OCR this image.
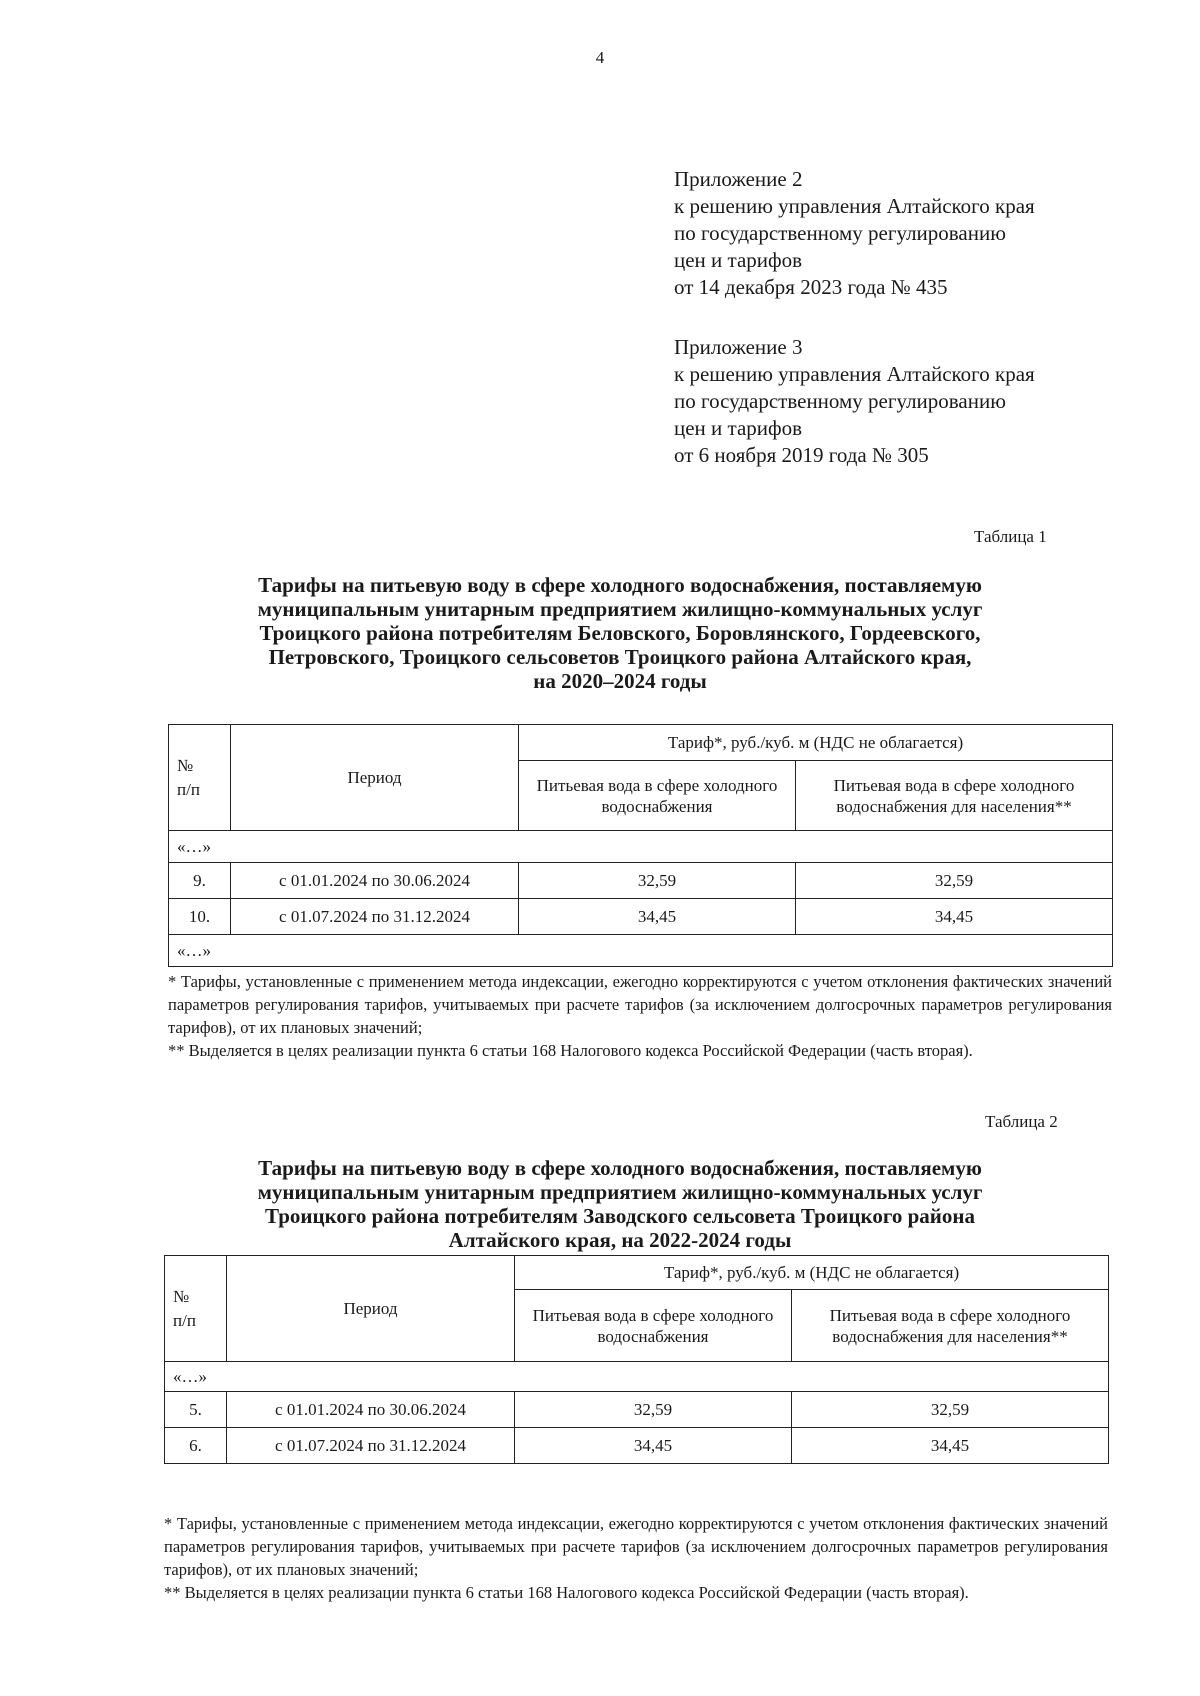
4
Приложение 2
к решению управления Алтайского края
по государственному регулированию
цен и тарифов
от 14 декабря 2023 года № 435
Приложение 3
к решению управления Алтайского края
по государственному регулированию
цен и тарифов
от 6 ноября 2019 года № 305
Таблица 1
Тарифы на питьевую воду в сфере холодного водоснабжения, поставляемую
муниципальным унитарным предприятием жилищно-коммунальных услуг
Троицкого района потребителям Беловского, Боровлянского, Гордеевского,
Петровского, Троицкого сельсоветов Троицкого района Алтайского края,
на 2020–2024 годы
№
п/п	Период	Тариф*, руб./куб. м (НДС не облагается)	
		Питьевая вода в сфере холодного водоснабжения	Питьевая вода в сфере холодного водоснабжения для населения**
«…»			
9.	с 01.01.2024 по 30.06.2024	32,59	32,59
10.	с 01.07.2024 по 31.12.2024	34,45	34,45
«…»			

* Тарифы, установленные с применением метода индексации, ежегодно корректируются с учетом отклонения фактических значений параметров регулирования тарифов, учитываемых при расчете тарифов (за исключением долгосрочных параметров регулирования тарифов), от их плановых значений;

** Выделяется в целях реализации пункта 6 статьи 168 Налогового кодекса Российской Федерации (часть вторая).

Таблица 2
Тарифы на питьевую воду в сфере холодного водоснабжения, поставляемую
муниципальным унитарным предприятием жилищно-коммунальных услуг
Троицкого района потребителям Заводского сельсовета Троицкого района
Алтайского края, на 2022-2024 годы
№
п/п	Период	Тариф*, руб./куб. м (НДС не облагается)	
		Питьевая вода в сфере холодного водоснабжения	Питьевая вода в сфере холодного водоснабжения для населения**
«…»			
5.	с 01.01.2024 по 30.06.2024	32,59	32,59
6.	с 01.07.2024 по 31.12.2024	34,45	34,45

* Тарифы, установленные с применением метода индексации, ежегодно корректируются с учетом отклонения фактических значений параметров регулирования тарифов, учитываемых при расчете тарифов (за исключением долгосрочных параметров регулирования тарифов), от их плановых значений;

** Выделяется в целях реализации пункта 6 статьи 168 Налогового кодекса Российской Федерации (часть вторая).
